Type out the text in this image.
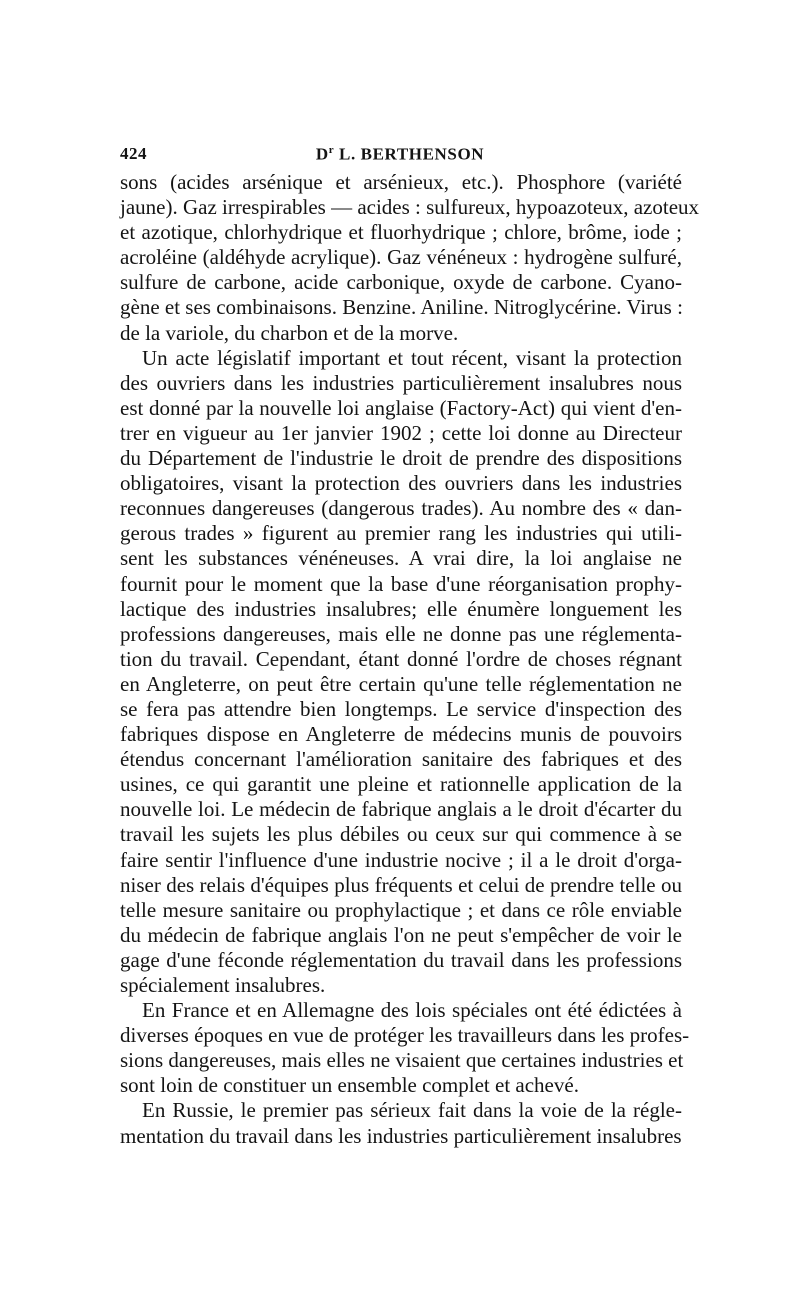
424	$D^r$ L. BERTHENSON

sons (acides arsénique et arsénieux, etc.). Phosphore (variété
jaune). Gaz irrespirables — acides : sulfureux, hypoazoteux, azoteux
et azotique, chlorhydrique et fluorhydrique ; chlore, brôme, iode ;
acroléine (aldéhyde acrylique). Gaz vénéneux : hydrogène sulfuré,
sulfure de carbone, acide carbonique, oxyde de carbone. Cyano-
gène et ses combinaisons. Benzine. Aniline. Nitroglycérine. Virus :
de la variole, du charbon et de la morve.

Un acte législatif important et tout récent, visant la protection
des ouvriers dans les industries particulièrement insalubres nous
est donné par la nouvelle loi anglaise (Factory-Act) qui vient d'en-
trer en vigueur au 1er janvier 1902 ; cette loi donne au Directeur
du Département de l'industrie le droit de prendre des dispositions
obligatoires, visant la protection des ouvriers dans les industries
reconnues dangereuses (dangerous trades). Au nombre des « dan-
gerous trades » figurent au premier rang les industries qui utili-
sent les substances vénéneuses. A vrai dire, la loi anglaise ne
fournit pour le moment que la base d'une réorganisation prophy-
lactique des industries insalubres; elle énumère longuement les
professions dangereuses, mais elle ne donne pas une réglementa-
tion du travail. Cependant, étant donné l'ordre de choses régnant
en Angleterre, on peut être certain qu'une telle réglementation ne
se fera pas attendre bien longtemps. Le service d'inspection des
fabriques dispose en Angleterre de médecins munis de pouvoirs
étendus concernant l'amélioration sanitaire des fabriques et des
usines, ce qui garantit une pleine et rationnelle application de la
nouvelle loi. Le médecin de fabrique anglais a le droit d'écarter du
travail les sujets les plus débiles ou ceux sur qui commence à se
faire sentir l'influence d'une industrie nocive ; il a le droit d'orga-
niser des relais d'équipes plus fréquents et celui de prendre telle ou
telle mesure sanitaire ou prophylactique ; et dans ce rôle enviable
du médecin de fabrique anglais l'on ne peut s'empêcher de voir le
gage d'une féconde réglementation du travail dans les professions
spécialement insalubres.

En France et en Allemagne des lois spéciales ont été édictées à
diverses époques en vue de protéger les travailleurs dans les profes-
sions dangereuses, mais elles ne visaient que certaines industries et
sont loin de constituer un ensemble complet et achevé.

En Russie, le premier pas sérieux fait dans la voie de la régle-
mentation du travail dans les industries particulièrement insalubres
